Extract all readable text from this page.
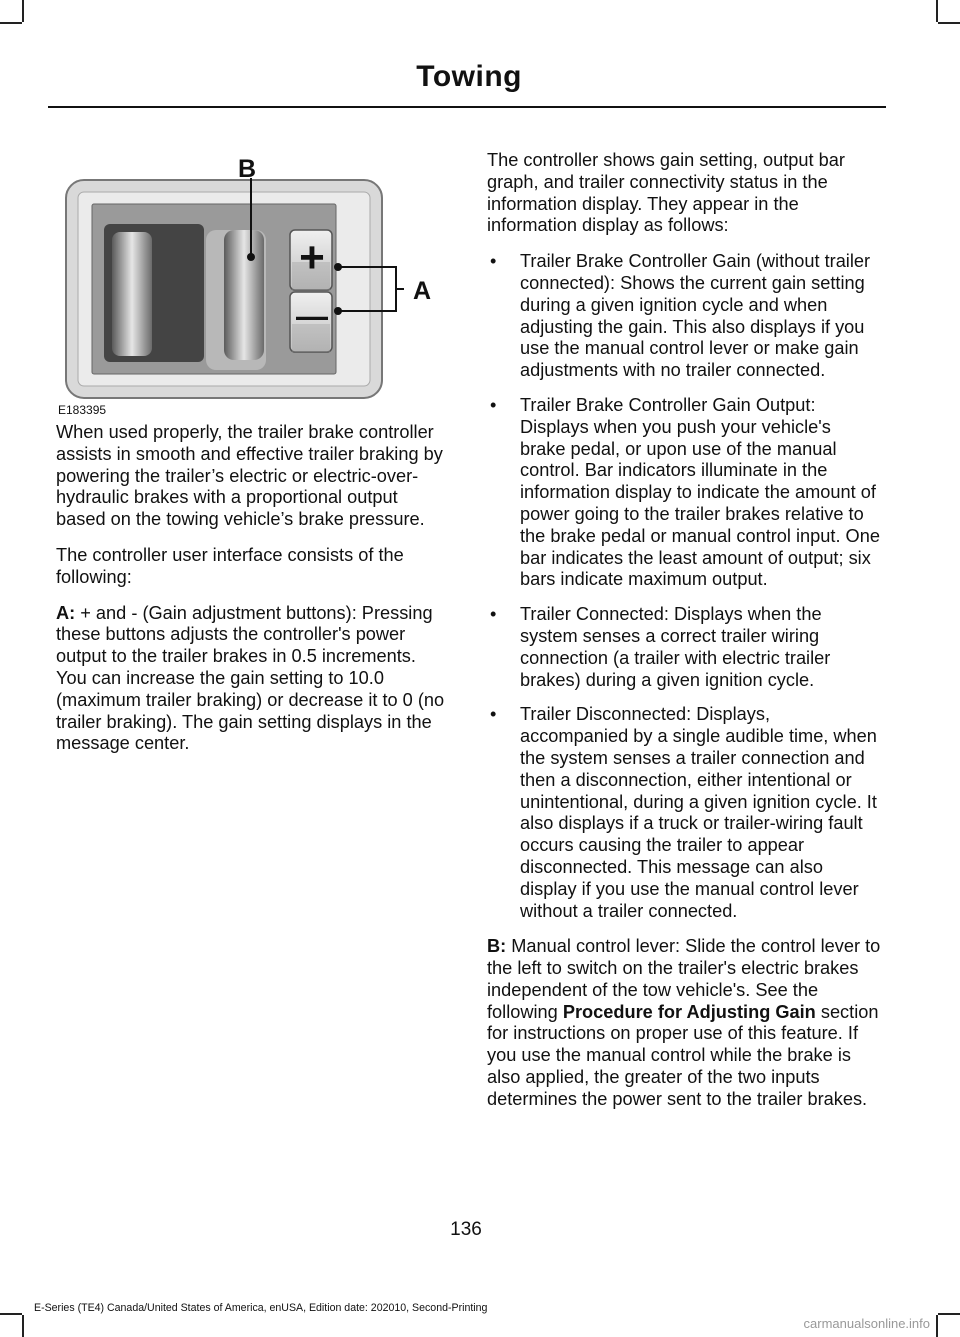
Towing
+
—
B
A
E183395

When used properly, the trailer brake controller assists in smooth and effective trailer braking by powering the trailer’s electric or electric-over-hydraulic brakes with a proportional output based on the towing vehicle’s brake pressure.

The controller user interface consists of the following:

A: + and - (Gain adjustment buttons): Pressing these buttons adjusts the controller's power output to the trailer brakes in 0.5 increments. You can increase the gain setting to 10.0 (maximum trailer braking) or decrease it to 0 (no trailer braking). The gain setting displays in the message center.

The controller shows gain setting, output bar graph, and trailer connectivity status in the information display. They appear in the information display as follows:

• Trailer Brake Controller Gain (without trailer connected): Shows the current gain setting during a given ignition cycle and when adjusting the gain. This also displays if you use the manual control lever or make gain adjustments with no trailer connected.
• Trailer Brake Controller Gain Output: Displays when you push your vehicle's brake pedal, or upon use of the manual control. Bar indicators illuminate in the information display to indicate the amount of power going to the trailer brakes relative to the brake pedal or manual control input. One bar indicates the least amount of output; six bars indicate maximum output.
• Trailer Connected: Displays when the system senses a correct trailer wiring connection (a trailer with electric trailer brakes) during a given ignition cycle.
• Trailer Disconnected: Displays, accompanied by a single audible time, when the system senses a trailer connection and then a disconnection, either intentional or unintentional, during a given ignition cycle. It also displays if a truck or trailer-wiring fault occurs causing the trailer to appear disconnected. This message can also display if you use the manual control lever without a trailer connected.

B: Manual control lever: Slide the control lever to the left to switch on the trailer's electric brakes independent of the tow vehicle's. See the following Procedure for Adjusting Gain section for instructions on proper use of this feature. If you use the manual control while the brake is also applied, the greater of the two inputs determines the power sent to the trailer brakes.

136
E-Series (TE4) Canada/United States of America, enUSA, Edition date: 202010, Second-Printing
carmanualsonline.info
